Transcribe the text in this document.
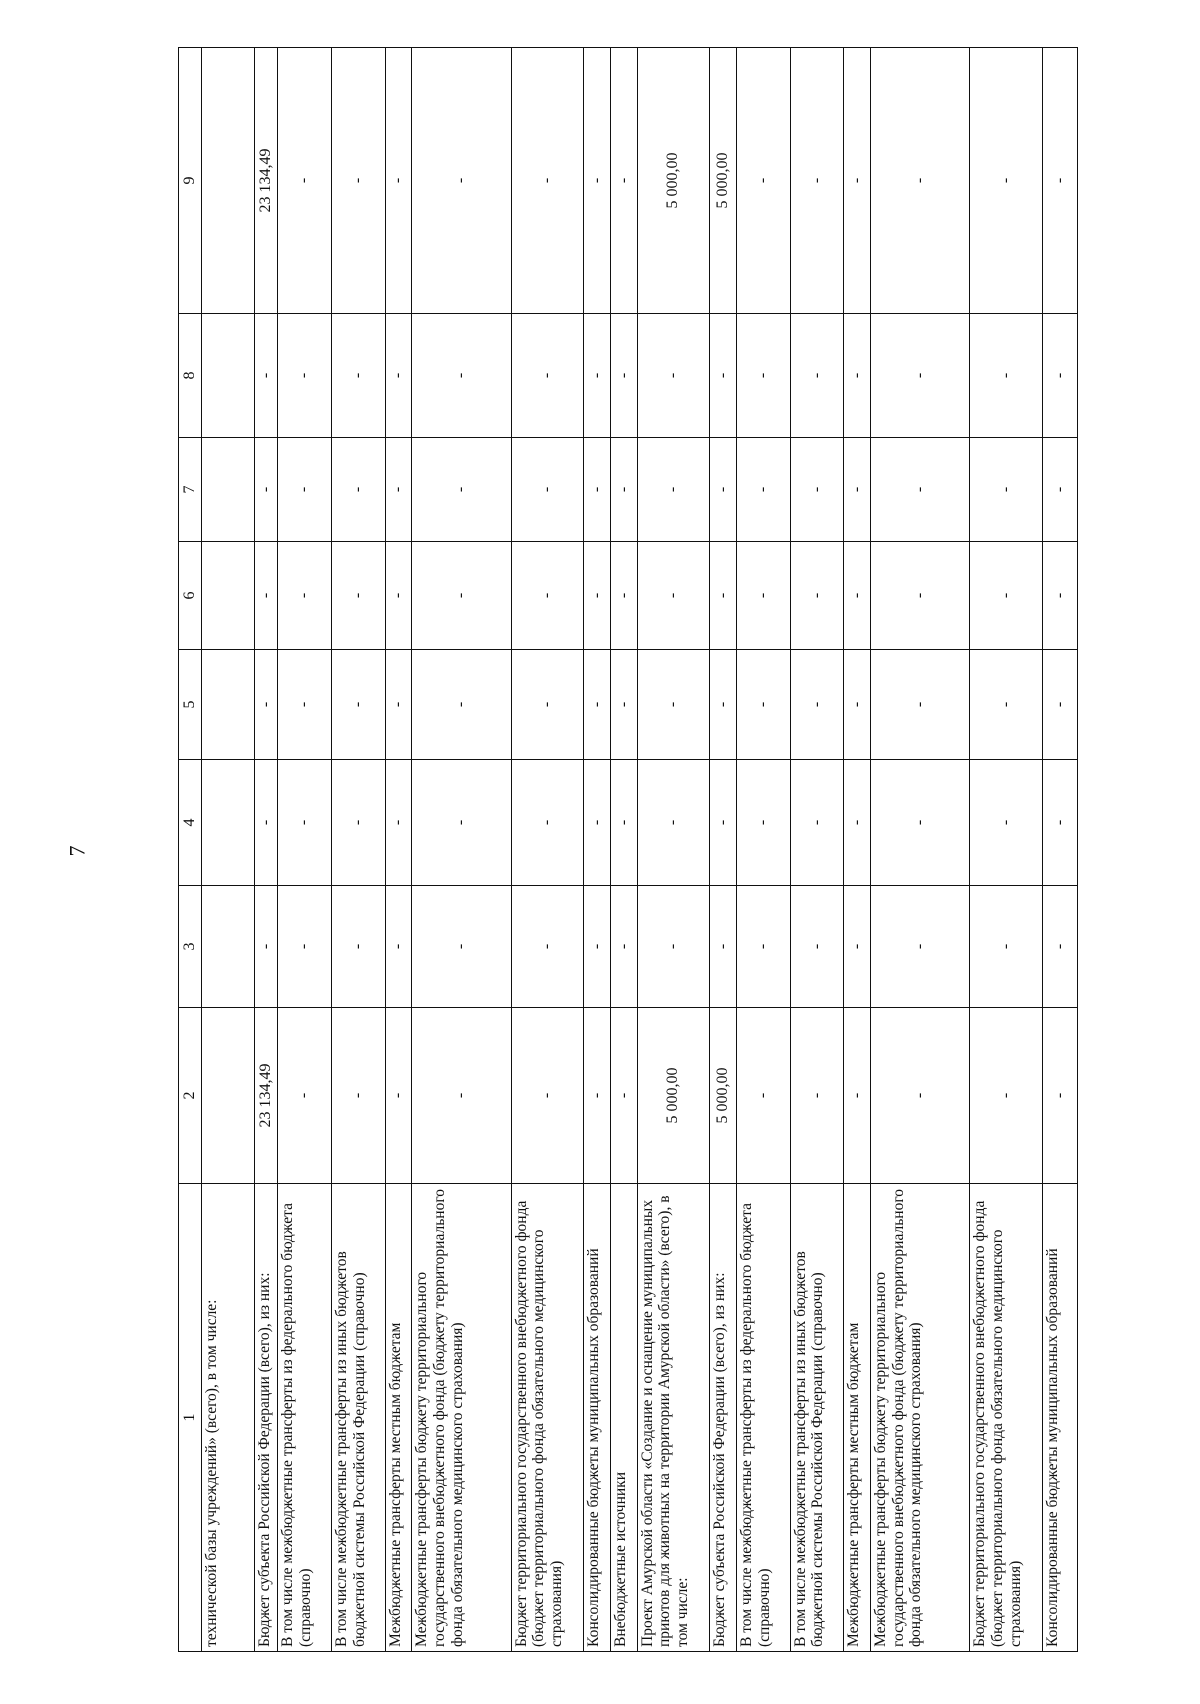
7
1	2	3	4	5	6	7	8	9
технической базы учреждений» (всего), в том числе:								
Бюджет субъекта Российской Федерации (всего), из них:	23 134,49	-	-	-	-	-	-	23 134,49
В том числе межбюджетные трансферты из федерального бюджета (справочно)	-	-	-	-	-	-	-	-
В том числе межбюджетные трансферты из иных бюджетов бюджетной системы Российской Федерации (справочно)	-	-	-	-	-	-	-	-
Межбюджетные трансферты местным бюджетам	-	-	-	-	-	-	-	-
Межбюджетные трансферты бюджету территориального государственного внебюджетного фонда (бюджету территориального фонда обязательного медицинского страхования)	-	-	-	-	-	-	-	-
Бюджет территориального государственного внебюджетного фонда (бюджет территориального фонда обязательного медицинского страхования)	-	-	-	-	-	-	-	-
Консолидированные бюджеты муниципальных образований	-	-	-	-	-	-	-	-
Внебюджетные источники	-	-	-	-	-	-	-	-
Проект Амурской области «Создание и оснащение муниципальных приютов для животных на территории Амурской области» (всего), в том числе:	5 000,00	-	-	-	-	-	-	5 000,00
Бюджет субъекта Российской Федерации (всего), из них:	5 000,00	-	-	-	-	-	-	5 000,00
В том числе межбюджетные трансферты из федерального бюджета (справочно)	-	-	-	-	-	-	-	-
В том числе межбюджетные трансферты из иных бюджетов бюджетной системы Российской Федерации (справочно)	-	-	-	-	-	-	-	-
Межбюджетные трансферты местным бюджетам	-	-	-	-	-	-	-	-
Межбюджетные трансферты бюджету территориального государственного внебюджетного фонда (бюджету территориального фонда обязательного медицинского страхования)	-	-	-	-	-	-	-	-
Бюджет территориального государственного внебюджетного фонда (бюджет территориального фонда обязательного медицинского страхования)	-	-	-	-	-	-	-	-
Консолидированные бюджеты муниципальных образований	-	-	-	-	-	-	-	-
